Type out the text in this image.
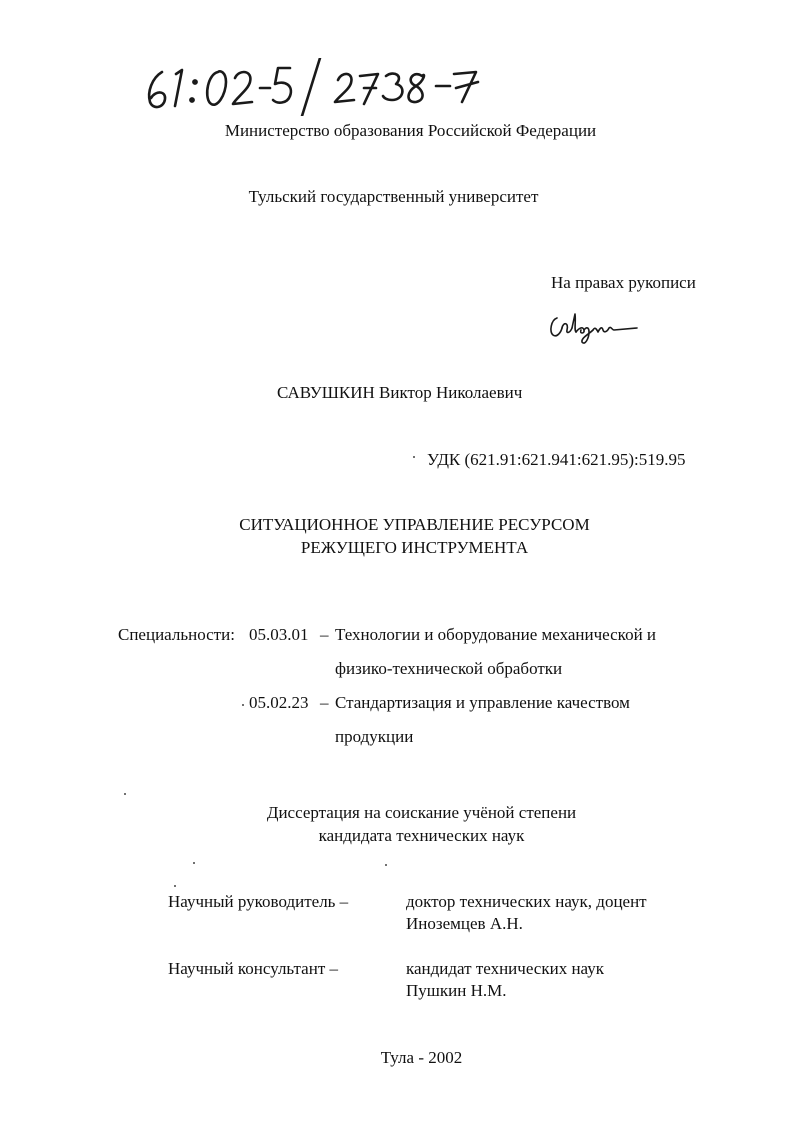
Министерство образования Российской Федерации
Тульский государственный университет
На правах рукописи
САВУШКИН Виктор Николаевич
УДК (621.91:621.941:621.95):519.95
СИТУАЦИОННОЕ УПРАВЛЕНИЕ РЕСУРСОМ
РЕЖУЩЕГО ИНСТРУМЕНТА
Специальности: 05.03.01 – Технологии и оборудование механической и
физико-технической обработки
05.02.23 – Стандартизация и управление качеством
продукции
Диссертация на соискание учёной степени
кандидата технических наук
Научный руководитель –	доктор технических наук, доцент
Иноземцев А.Н.
Научный консультант –	кандидат технических наук
Пушкин Н.М.
Тула - 2002
